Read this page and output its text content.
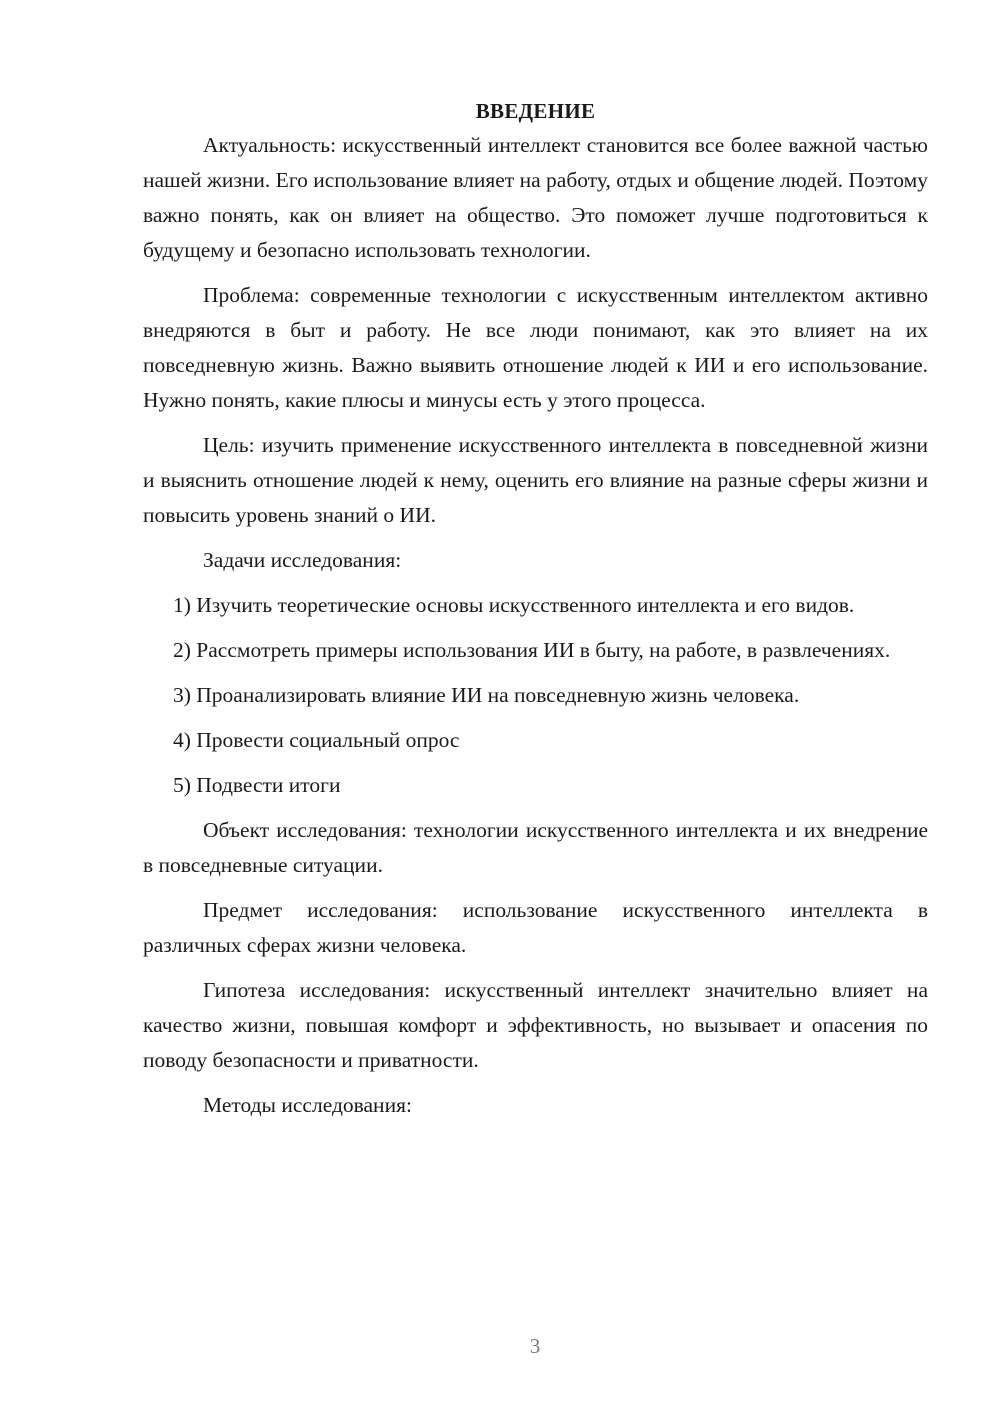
ВВЕДЕНИЕ

Актуальность: искусственный интеллект становится все более важной частью нашей жизни. Его использование влияет на работу, отдых и общение людей. Поэтому важно понять, как он влияет на общество. Это поможет лучше подготовиться к будущему и безопасно использовать технологии.

Проблема: современные технологии с искусственным интеллектом активно внедряются в быт и работу. Не все люди понимают, как это влияет на их повседневную жизнь. Важно выявить отношение людей к ИИ и его использование. Нужно понять, какие плюсы и минусы есть у этого процесса.

Цель: изучить применение искусственного интеллекта в повседневной жизни и выяснить отношение людей к нему, оценить его влияние на разные сферы жизни и повысить уровень знаний о ИИ.

Задачи исследования:

1) Изучить теоретические основы искусственного интеллекта и его видов.

2) Рассмотреть примеры использования ИИ в быту, на работе, в развлечениях.

3) Проанализировать влияние ИИ на повседневную жизнь человека.

4) Провести социальный опрос

5) Подвести итоги

Объект исследования: технологии искусственного интеллекта и их внедрение в повседневные ситуации.

Предмет исследования: использование искусственного интеллекта в различных сферах жизни человека.

Гипотеза исследования: искусственный интеллект значительно влияет на качество жизни, повышая комфорт и эффективность, но вызывает и опасения по поводу безопасности и приватности.

Методы исследования:

3
